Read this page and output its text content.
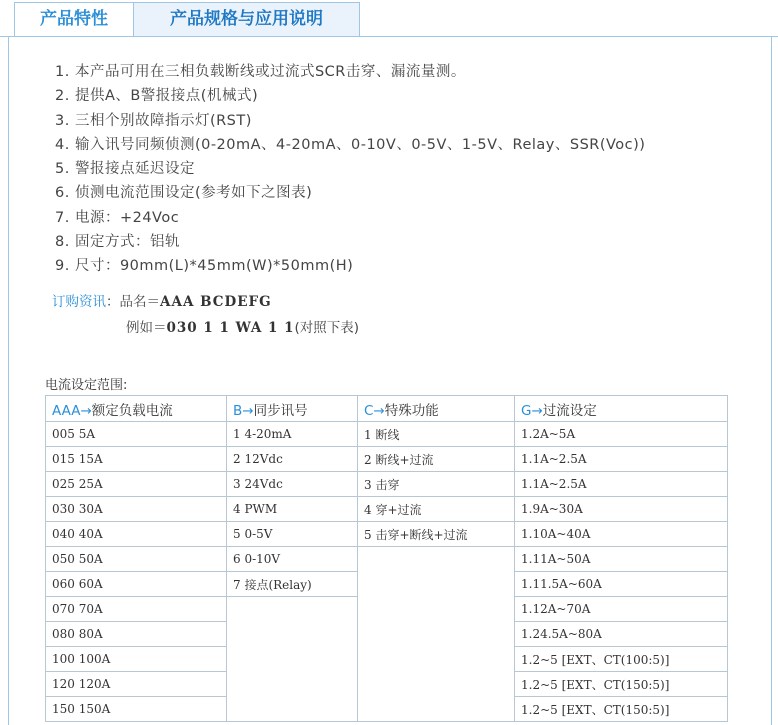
产品特性	产品规格与应用说明
1. 本产品可用在三相负载断线或过流式SCR击穿、漏流量测。
2. 提供A、B警报接点(机械式)
3. 三相个别故障指示灯(RST)
4. 输入讯号同频侦测(0-20mA、4-20mA、0-10V、0-5V、1-5V、Relay、SSR(Voc))
5. 警报接点延迟设定
6. 侦测电流范围设定(参考如下之图表)
7. 电源：+24Voc
8. 固定方式：铝轨
9. 尺寸：90mm(L)*45mm(W)*50mm(H)
订购资讯：品名＝AAA BCDEFG
例如＝030 1 1 WA 1 1(对照下表)
电流设定范围:
AAA→额定负载电流	B→同步讯号	C→特殊功能	G→过流设定
005 5A	1 4-20mA	1 断线	1.2A~5A
015 15A	2 12Vdc	2 断线+过流	1.1A~2.5A
025 25A	3 24Vdc	3 击穿	1.1A~2.5A
030 30A	4 PWM	4 穿+过流	1.9A~30A
040 40A	5 0-5V	5 击穿+断线+过流	1.10A~40A
050 50A	6 0-10V		1.11A~50A
060 60A	7 接点(Relay)		1.11.5A~60A
070 70A			1.12A~70A
080 80A			1.24.5A~80A
100 100A			1.2~5 [EXT、CT(100:5)]
120 120A			1.2~5 [EXT、CT(150:5)]
150 150A			1.2~5 [EXT、CT(150:5)]
